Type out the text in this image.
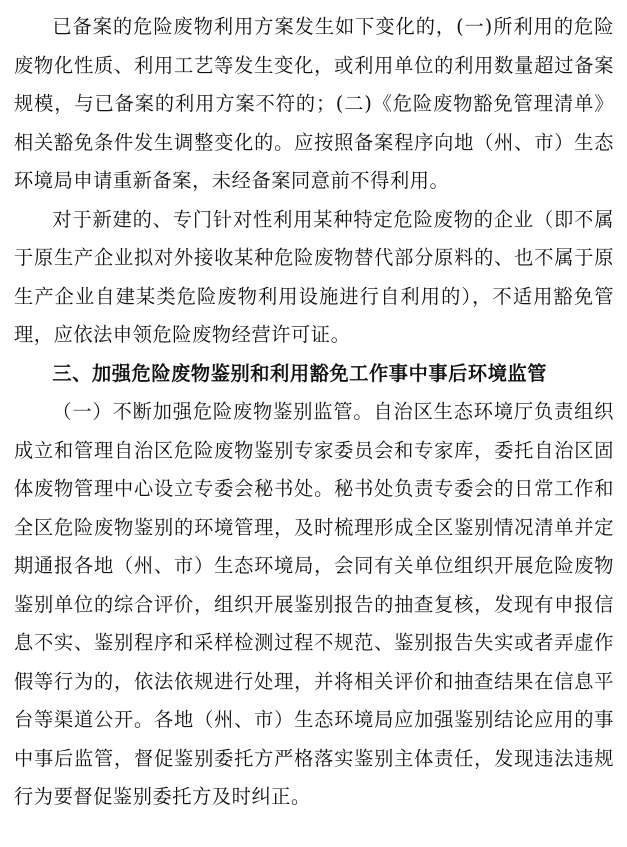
已备案的危险废物利用方案发生如下变化的，(一)所利用的危险废物化性质、利用工艺等发生变化，或利用单位的利用数量超过备案规模，与已备案的利用方案不符的；(二)《危险废物豁免管理清单》相关豁免条件发生调整变化的。应按照备案程序向地（州、市）生态环境局申请重新备案，未经备案同意前不得利用。

对于新建的、专门针对性利用某种特定危险废物的企业（即不属于原生产企业拟对外接收某种危险废物替代部分原料的、也不属于原生产企业自建某类危险废物利用设施进行自利用的），不适用豁免管理，应依法申领危险废物经营许可证。

三、加强危险废物鉴别和利用豁免工作事中事后环境监管

（一）不断加强危险废物鉴别监管。自治区生态环境厅负责组织成立和管理自治区危险废物鉴别专家委员会和专家库，委托自治区固体废物管理中心设立专委会秘书处。秘书处负责专委会的日常工作和全区危险废物鉴别的环境管理，及时梳理形成全区鉴别情况清单并定期通报各地（州、市）生态环境局，会同有关单位组织开展危险废物鉴别单位的综合评价，组织开展鉴别报告的抽查复核，发现有申报信息不实、鉴别程序和采样检测过程不规范、鉴别报告失实或者弄虚作假等行为的，依法依规进行处理，并将相关评价和抽查结果在信息平台等渠道公开。各地（州、市）生态环境局应加强鉴别结论应用的事中事后监管，督促鉴别委托方严格落实鉴别主体责任，发现违法违规行为要督促鉴别委托方及时纠正。
